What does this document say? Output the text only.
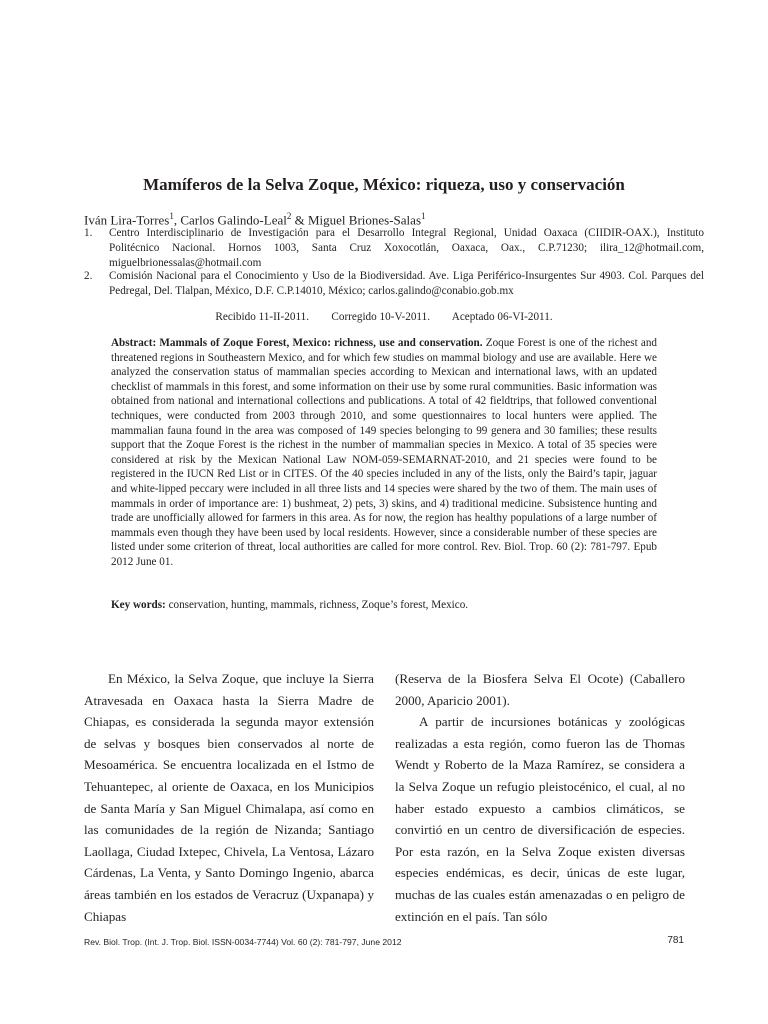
Mamíferos de la Selva Zoque, México: riqueza, uso y conservación
Iván Lira-Torres$^1$, Carlos Galindo-Leal$^2$ & Miguel Briones-Salas$^1$
1. Centro Interdisciplinario de Investigación para el Desarrollo Integral Regional, Unidad Oaxaca (CIIDIR-OAX.), Instituto Politécnico Nacional. Hornos 1003, Santa Cruz Xoxocotlán, Oaxaca, Oax., C.P.71230; ilira_12@hotmail.com, miguelbrionessalas@hotmail.com
2. Comisión Nacional para el Conocimiento y Uso de la Biodiversidad. Ave. Liga Periférico-Insurgentes Sur 4903. Col. Parques del Pedregal, Del. Tlalpan, México, D.F. C.P.14010, México; carlos.galindo@conabio.gob.mx
Recibido 11-II-2011.        Corregido 10-V-2011.        Aceptado 06-VI-2011.
Abstract: Mammals of Zoque Forest, Mexico: richness, use and conservation. Zoque Forest is one of the richest and threatened regions in Southeastern Mexico, and for which few studies on mammal biology and use are available. Here we analyzed the conservation status of mammalian species according to Mexican and international laws, with an updated checklist of mammals in this forest, and some information on their use by some rural communities. Basic information was obtained from national and international collections and publications. A total of 42 fieldtrips, that followed conventional techniques, were conducted from 2003 through 2010, and some questionnaires to local hunters were applied. The mammalian fauna found in the area was composed of 149 species belonging to 99 genera and 30 families; these results support that the Zoque Forest is the richest in the number of mammalian species in Mexico. A total of 35 species were considered at risk by the Mexican National Law NOM-059-SEMARNAT-2010, and 21 species were found to be registered in the IUCN Red List or in CITES. Of the 40 species included in any of the lists, only the Baird’s tapir, jaguar and white-lipped peccary were included in all three lists and 14 species were shared by the two of them. The main uses of mammals in order of importance are: 1) bushmeat, 2) pets, 3) skins, and 4) traditional medicine. Subsistence hunting and trade are unofficially allowed for farmers in this area. As for now, the region has healthy populations of a large number of mammals even though they have been used by local residents. However, since a considerable number of these species are listed under some criterion of threat, local authorities are called for more control. Rev. Biol. Trop. 60 (2): 781-797. Epub 2012 June 01.
Key words: conservation, hunting, mammals, richness, Zoque’s forest, Mexico.

En México, la Selva Zoque, que incluye la Sierra Atravesada en Oaxaca hasta la Sierra Madre de Chiapas, es considerada la segunda mayor extensión de selvas y bosques bien conservados al norte de Mesoamérica. Se encuentra localizada en el Istmo de Tehuantepec, al oriente de Oaxaca, en los Municipios de Santa María y San Miguel Chimalapa, así como en las comunidades de la región de Nizanda; Santiago Laollaga, Ciudad Ixtepec, Chivela, La Ventosa, Lázaro Cárdenas, La Venta, y Santo Domingo Ingenio, abarca áreas también en los estados de Veracruz (Uxpanapa) y Chiapas

(Reserva de la Biosfera Selva El Ocote) (Caballero 2000, Aparicio 2001).

A partir de incursiones botánicas y zoológicas realizadas a esta región, como fueron las de Thomas Wendt y Roberto de la Maza Ramírez, se considera a la Selva Zoque un refugio pleistocénico, el cual, al no haber estado expuesto a cambios climáticos, se convirtió en un centro de diversificación de especies. Por esta razón, en la Selva Zoque existen diversas especies endémicas, es decir, únicas de este lugar, muchas de las cuales están amenazadas o en peligro de extinción en el país. Tan sólo

Rev. Biol. Trop. (Int. J. Trop. Biol. ISSN-0034-7744) Vol. 60 (2): 781-797, June 2012	781
